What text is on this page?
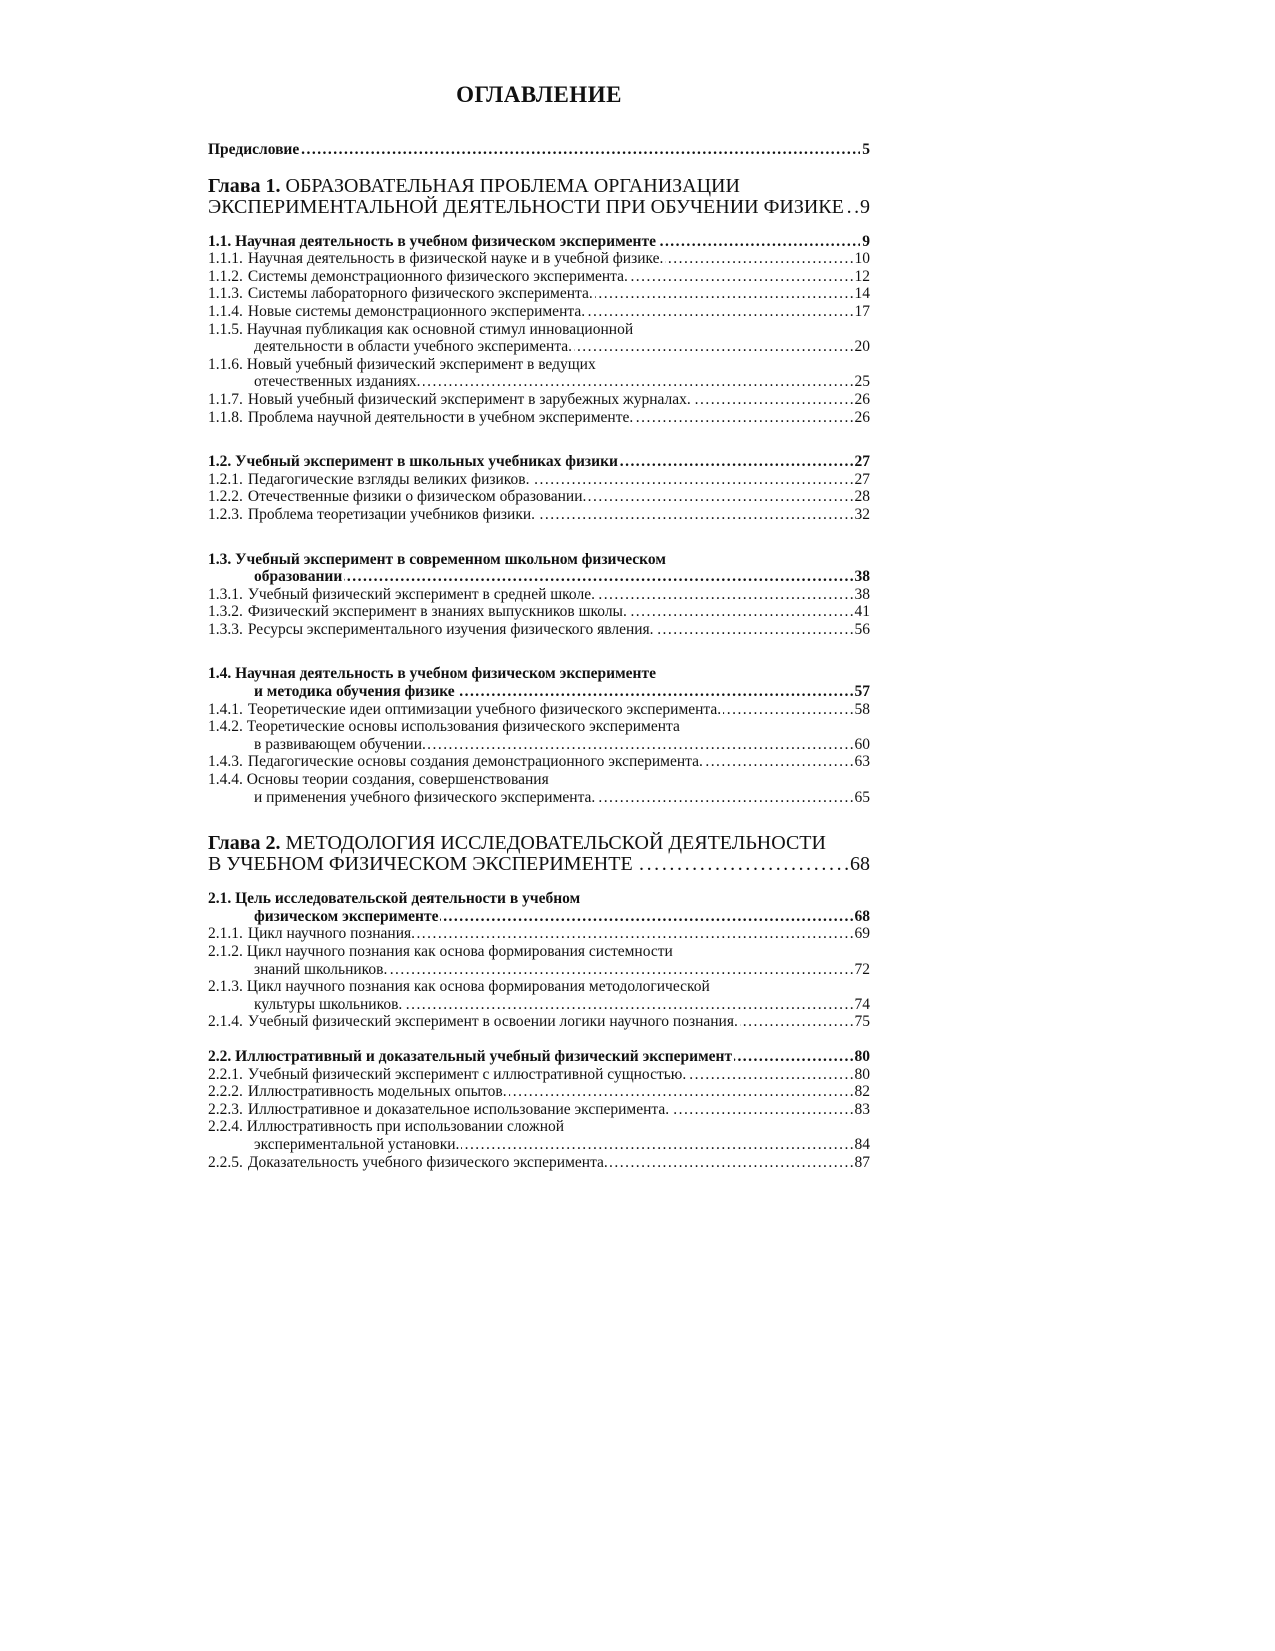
ОГЛАВЛЕНИЕ
Предисловие . . .	5
Глава 1. ОБРАЗОВАТЕЛЬНАЯ ПРОБЛЕМА ОРГАНИЗАЦИИ
ЭКСПЕРИМЕНТАЛЬНОЙ ДЕЯТЕЛЬНОСТИ ПРИ ОБУЧЕНИИ ФИЗИКЕ . . . 9
1.1. Научная деятельность в учебном физическом эксперименте . . .	9
1.1.1. Научная деятельность в физической науке и в учебной физике. . . .	10
1.1.2. Системы демонстрационного физического эксперимента. . . .	12
1.1.3. Системы лабораторного физического эксперимента. . . .	14
1.1.4. Новые системы демонстрационного эксперимента. . . .	17
1.1.5. Научная публикация как основной стимул инновационной
деятельности в области учебного эксперимента. . . .	20
1.1.6. Новый учебный физический эксперимент в ведущих
отечественных изданиях. . . .	25
1.1.7. Новый учебный физический эксперимент в зарубежных журналах. . . .	26
1.1.8. Проблема научной деятельности в учебном эксперименте. . . .	26
1.2. Учебный эксперимент в школьных учебниках физики . . .	27
1.2.1. Педагогические взгляды великих физиков. . . .	27
1.2.2. Отечественные физики о физическом образовании. . . .	28
1.2.3. Проблема теоретизации учебников физики. . . .	32
1.3. Учебный эксперимент в современном школьном физическом
образовании . . .	38
1.3.1. Учебный физический эксперимент в средней школе. . . .	38
1.3.2. Физический эксперимент в знаниях выпускников школы. . . .	41
1.3.3. Ресурсы экспериментального изучения физического явления. . . .	56
1.4. Научная деятельность в учебном физическом эксперименте
и методика обучения физике . . .	57
1.4.1. Теоретические идеи оптимизации учебного физического эксперимента. . . .	58
1.4.2. Теоретические основы использования физического эксперимента
в развивающем обучении. . . .	60
1.4.3. Педагогические основы создания демонстрационного эксперимента. . . .	63
1.4.4. Основы теории создания, совершенствования
и применения учебного физического эксперимента. . . .	65
Глава 2. МЕТОДОЛОГИЯ ИССЛЕДОВАТЕЛЬСКОЙ ДЕЯТЕЛЬНОСТИ
В УЧЕБНОМ ФИЗИЧЕСКОМ ЭКСПЕРИМЕНТЕ . . .	68
2.1. Цель исследовательской деятельности в учебном
физическом эксперименте . . .	68
2.1.1. Цикл научного познания. . . .	69
2.1.2. Цикл научного познания как основа формирования системности
знаний школьников. . . .	72
2.1.3. Цикл научного познания как основа формирования методологической
культуры школьников. . . .	74
2.1.4. Учебный физический эксперимент в освоении логики научного познания. . . .	75
2.2. Иллюстративный и доказательный учебный физический эксперимент . . .	80
2.2.1. Учебный физический эксперимент с иллюстративной сущностью. . . .	80
2.2.2. Иллюстративность модельных опытов. . . .	82
2.2.3. Иллюстративное и доказательное использование эксперимента. . . .	83
2.2.4. Иллюстративность при использовании сложной
экспериментальной установки. . . .	84
2.2.5. Доказательность учебного физического эксперимента. . . .	87
